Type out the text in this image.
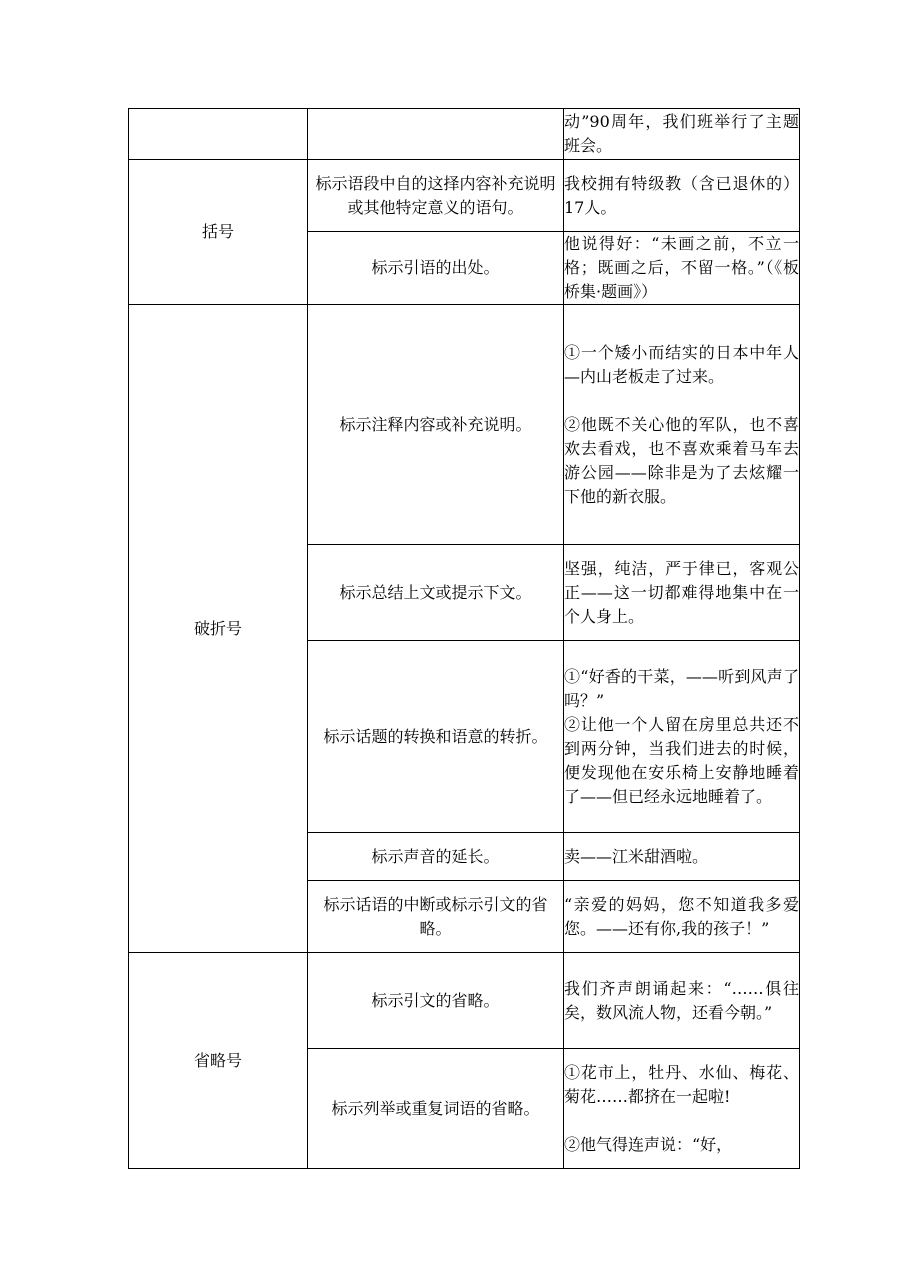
		动”90周年，我们班举行了主题班会。

括号	标示语段中自的这择内容补充说明或其他特定意义的语句。	我校拥有特级教（含已退休的）17人。

	标示引语的出处。	他说得好：“未画之前，不立一格；既画之后，不留一格。”（《板桥集·题画》）

破折号	标示注释内容或补充说明。	①一个矮小而结实的日本中年人—内山老板走了过来。
②他既不关心他的军队，也不喜欢去看戏，也不喜欢乘着马车去游公园——除非是为了去炫耀一下他的新衣服。

	标示总结上文或提示下文。	坚强，纯洁，严于律已，客观公正——这一切都难得地集中在一个人身上。

	标示话题的转换和语意的转折。	①“好香的干菜，——听到风声了吗？”
②让他一个人留在房里总共还不到两分钟，当我们进去的时候，便发现他在安乐椅上安静地睡着了——但已经永远地睡着了。

	标示声音的延长。	卖——江米甜酒啦。

	标示话语的中断或标示引文的省略。	“亲爱的妈妈，您不知道我多爱您。——还有你,我的孩子！”

省略号	标示引文的省略。	我们齐声朗诵起来：“……俱往矣，数风流人物，还看今朝。”

	标示列举或重复词语的省略。	①花市上，牡丹、水仙、梅花、菊花……都挤在一起啦!
②他气得连声说：“好，
